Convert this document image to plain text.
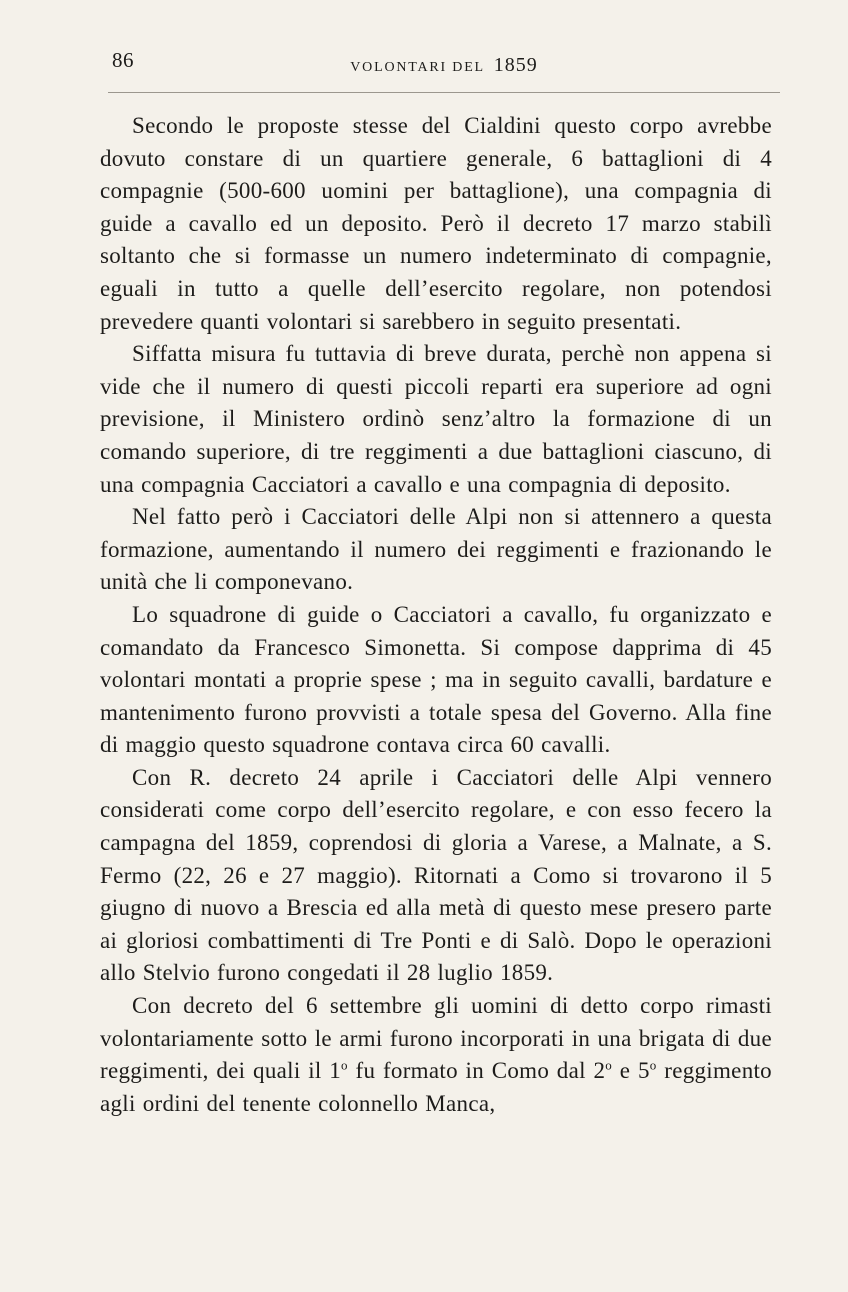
86	VOLONTARI DEL 1859

Secondo le proposte stesse del Cialdini questo corpo avrebbe dovuto constare di un quartiere generale, 6 battaglioni di 4 compagnie (500-600 uomini per battaglione), una compagnia di guide a cavallo ed un deposito. Però il decreto 17 marzo stabilì soltanto che si formasse un numero indeterminato di compagnie, eguali in tutto a quelle dell’esercito regolare, non potendosi prevedere quanti volontari si sarebbero in seguito presentati.

Siffatta misura fu tuttavia di breve durata, perchè non appena si vide che il numero di questi piccoli reparti era superiore ad ogni previsione, il Ministero ordinò senz’altro la formazione di un comando superiore, di tre reggimenti a due battaglioni ciascuno, di una compagnia Cacciatori a cavallo e una compagnia di deposito.

Nel fatto però i Cacciatori delle Alpi non si attennero a questa formazione, aumentando il numero dei reggimenti e frazionando le unità che li componevano.

Lo squadrone di guide o Cacciatori a cavallo, fu organizzato e comandato da Francesco Simonetta. Si compose dapprima di 45 volontari montati a proprie spese ; ma in seguito cavalli, bardature e mantenimento furono provvisti a totale spesa del Governo. Alla fine di maggio questo squadrone contava circa 60 cavalli.

Con R. decreto 24 aprile i Cacciatori delle Alpi vennero considerati come corpo dell’esercito regolare, e con esso fecero la campagna del 1859, coprendosi di gloria a Varese, a Malnate, a S. Fermo (22, 26 e 27 maggio). Ritornati a Como si trovarono il 5 giugno di nuovo a Brescia ed alla metà di questo mese presero parte ai gloriosi combattimenti di Tre Ponti e di Salò. Dopo le operazioni allo Stelvio furono congedati il 28 luglio 1859.

Con decreto del 6 settembre gli uomini di detto corpo rimasti volontariamente sotto le armi furono incorporati in una brigata di due reggimenti, dei quali il 1$^o$ fu formato in Como dal 2$^o$ e 5$^o$ reggimento agli ordini del tenente colonnello Manca,
